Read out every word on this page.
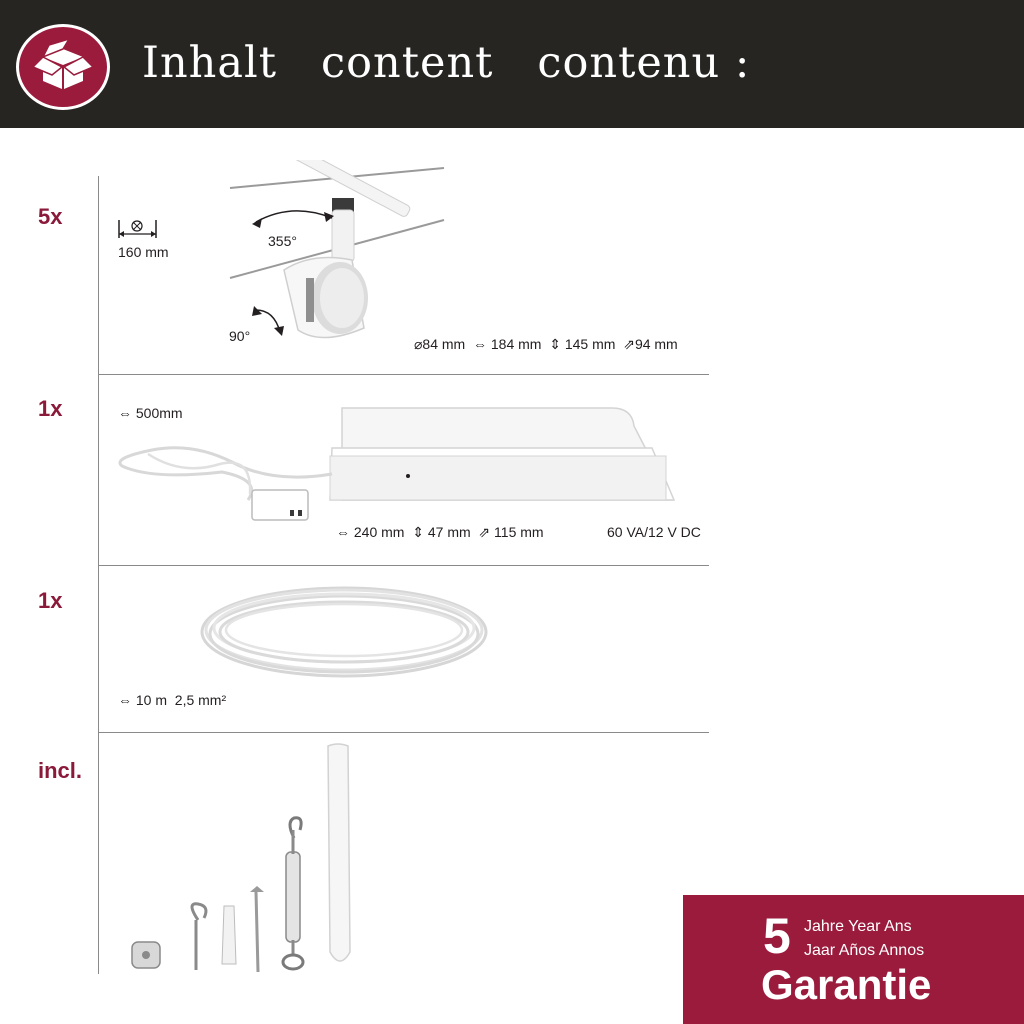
Inhalt   content   contenu :
5x
160 mm
355°
90°	⌀84 mm  ⇔ 184 mm  ⇕ 145 mm  ⇗94 mm
1x	⇔ 500mm
⇔ 240 mm  ⇕ 47 mm  ⇗ 115 mm	60 VA/12 V DC
1x
⇔ 10 m  2,5 mm²
incl.
5 Jahre Year Ans
Jaar Años Annos
Garantie
